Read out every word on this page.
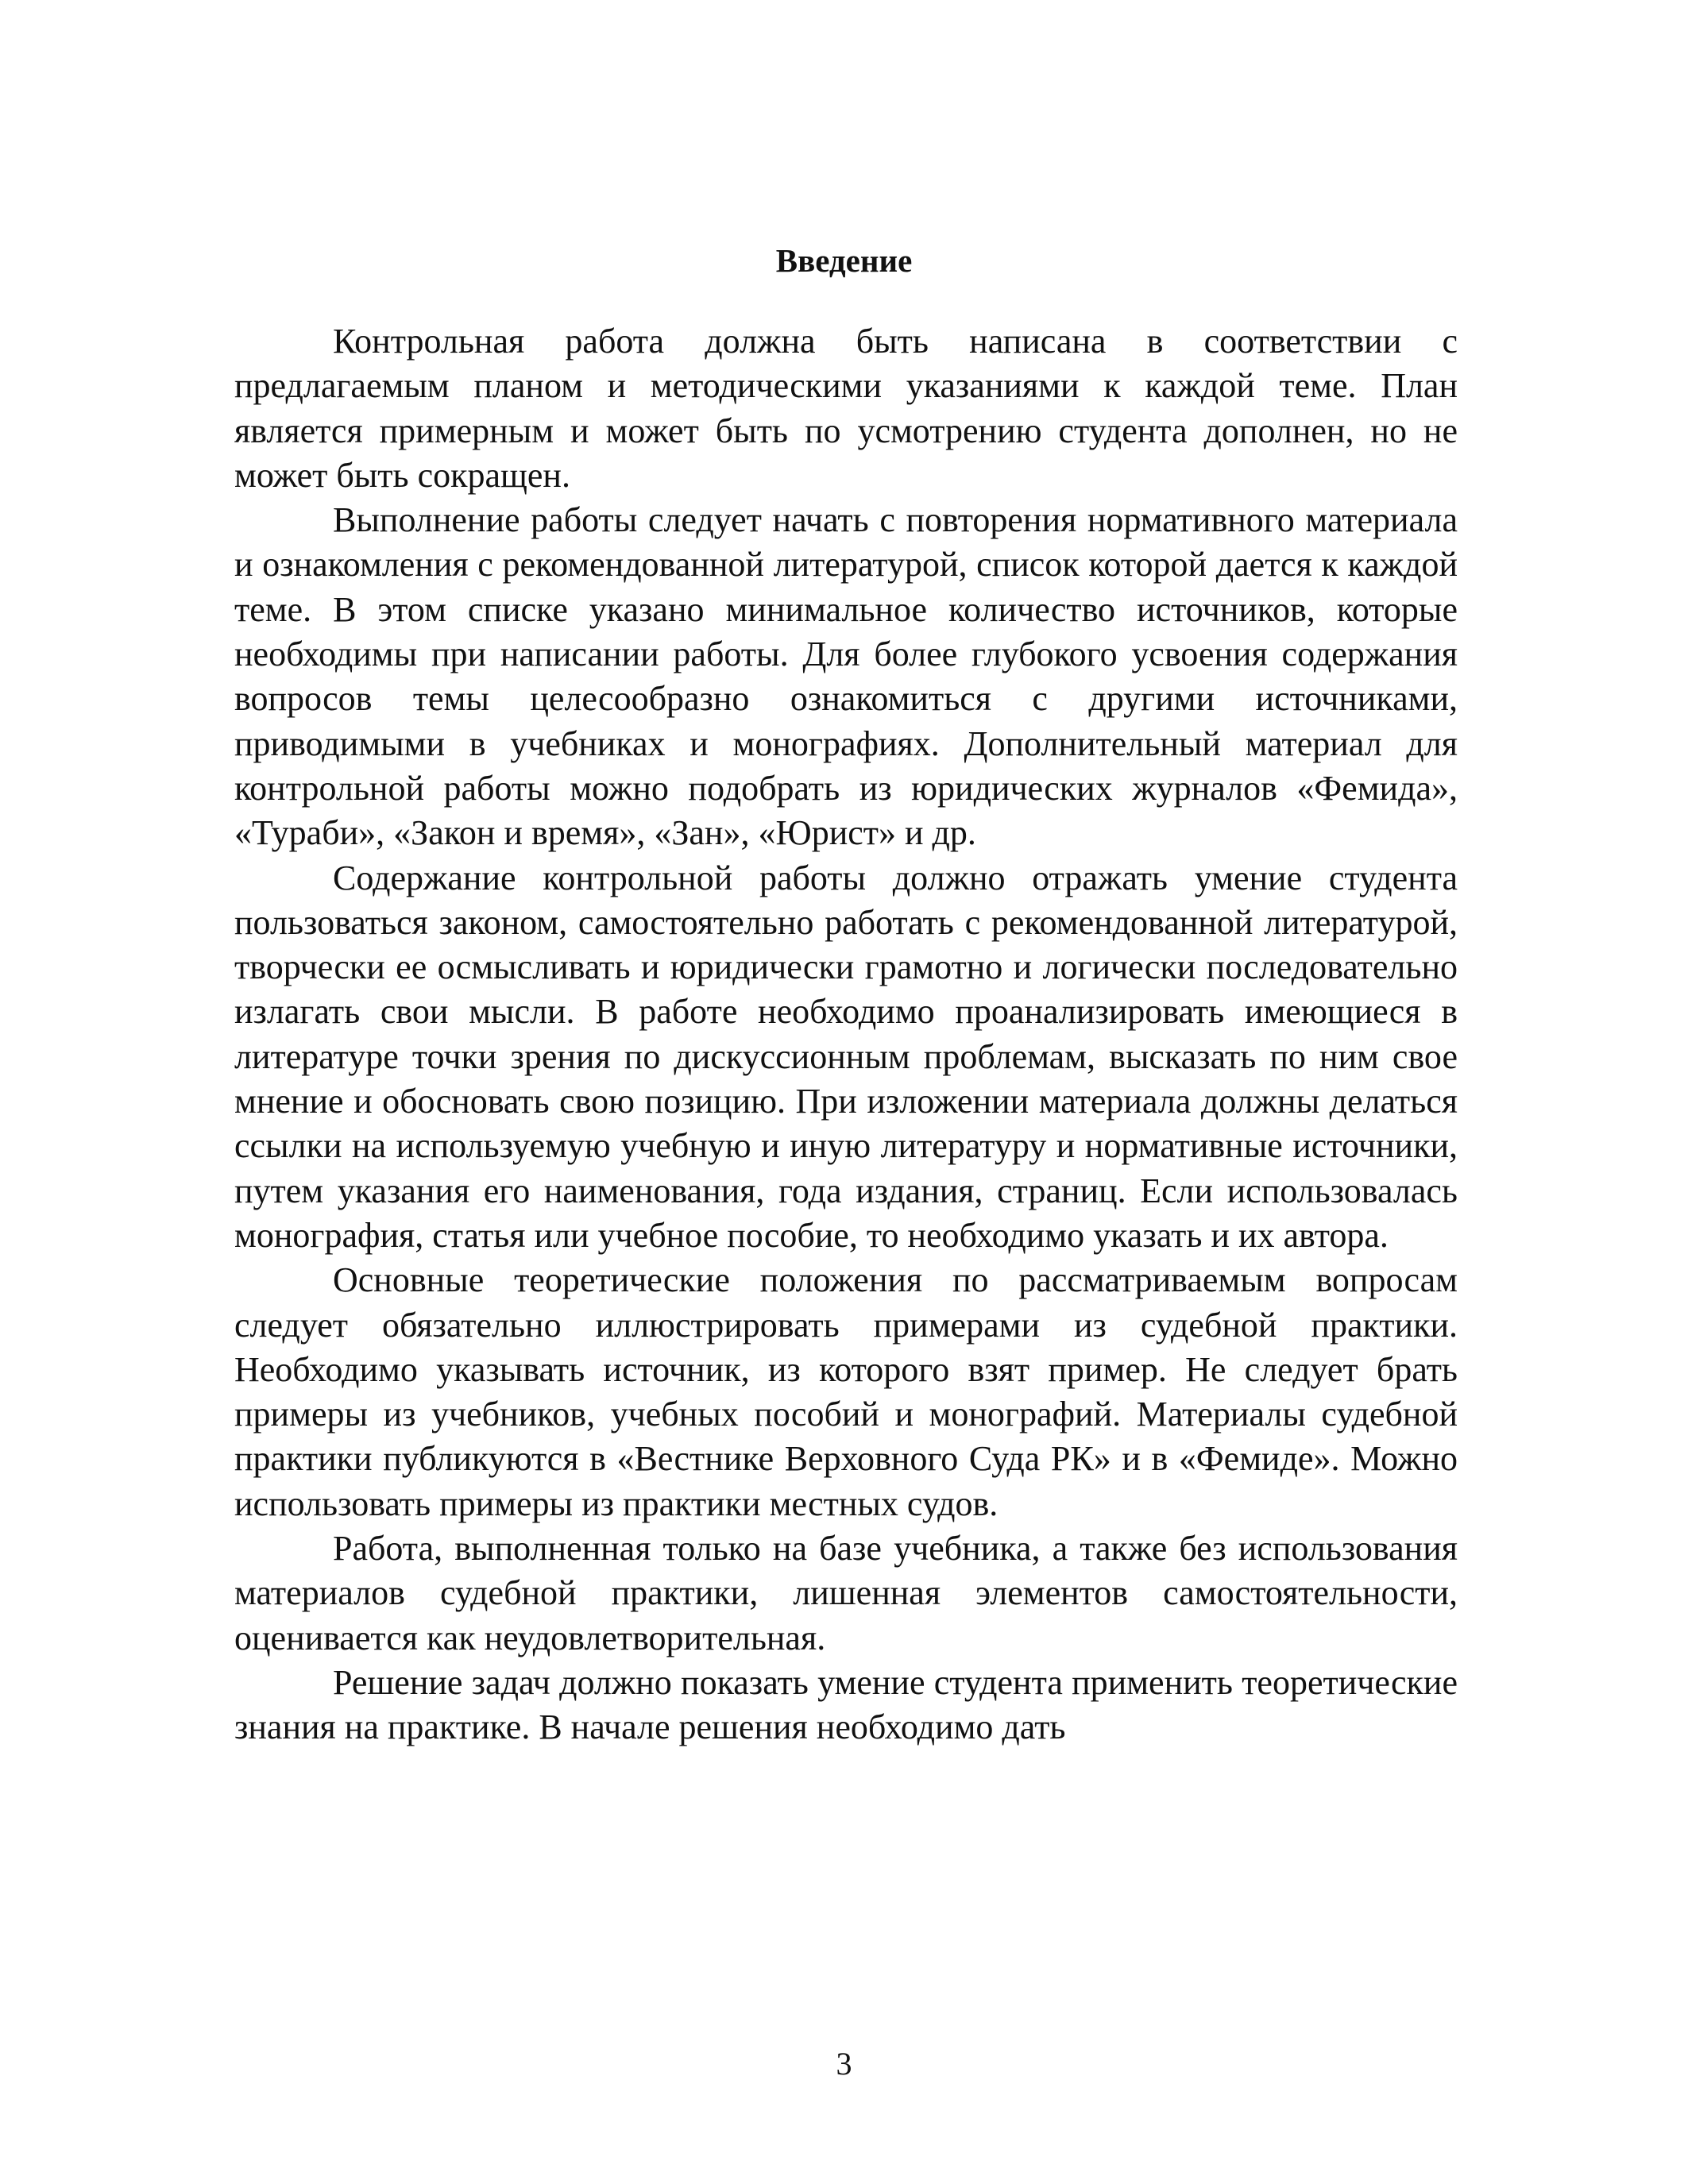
Введение

Контрольная работа должна быть написана в соответствии с предлагаемым планом и методическими указаниями к каждой теме. План является примерным и может быть по усмотрению студента дополнен, но не может быть сокращен.

Выполнение работы следует начать с повторения нормативного материала и ознакомления с рекомендованной литературой, список которой дается к каждой теме. В этом списке указано минимальное количество источников, которые необходимы при написании работы. Для более глубокого усвоения содержания вопросов темы целесообразно ознакомиться с другими источниками, приводимыми в учебниках и монографиях. Дополнительный материал для контрольной работы можно подобрать из юридических журналов «Фемида», «Тураби», «Закон и время», «Зан», «Юрист» и др.

Содержание контрольной работы должно отражать умение студента пользоваться законом, самостоятельно работать с рекомендованной литературой, творчески ее осмысливать и юридически грамотно и логически последовательно излагать свои мысли. В работе необходимо проанализировать имеющиеся в литературе точки зрения по дискуссионным проблемам, высказать по ним свое мнение и обосновать свою позицию. При изложении материала должны делаться ссылки на используемую учебную и иную литературу и нормативные источники, путем указания его наименования, года издания, страниц. Если использовалась монография, статья или учебное пособие, то необходимо указать и их автора.

Основные теоретические положения по рассматриваемым вопросам следует обязательно иллюстрировать примерами из судебной практики. Необходимо указывать источник, из которого взят пример. Не следует брать примеры из учебников, учебных пособий и монографий. Материалы судебной практики публикуются в «Вестнике Верховного Суда РК» и в «Фемиде». Можно использовать примеры из практики местных судов.

Работа, выполненная только на базе учебника, а также без использования материалов судебной практики, лишенная элементов самостоятельности, оценивается как неудовлетворительная.

Решение задач должно показать умение студента применить теоретические знания на практике. В начале решения необходимо дать

3
